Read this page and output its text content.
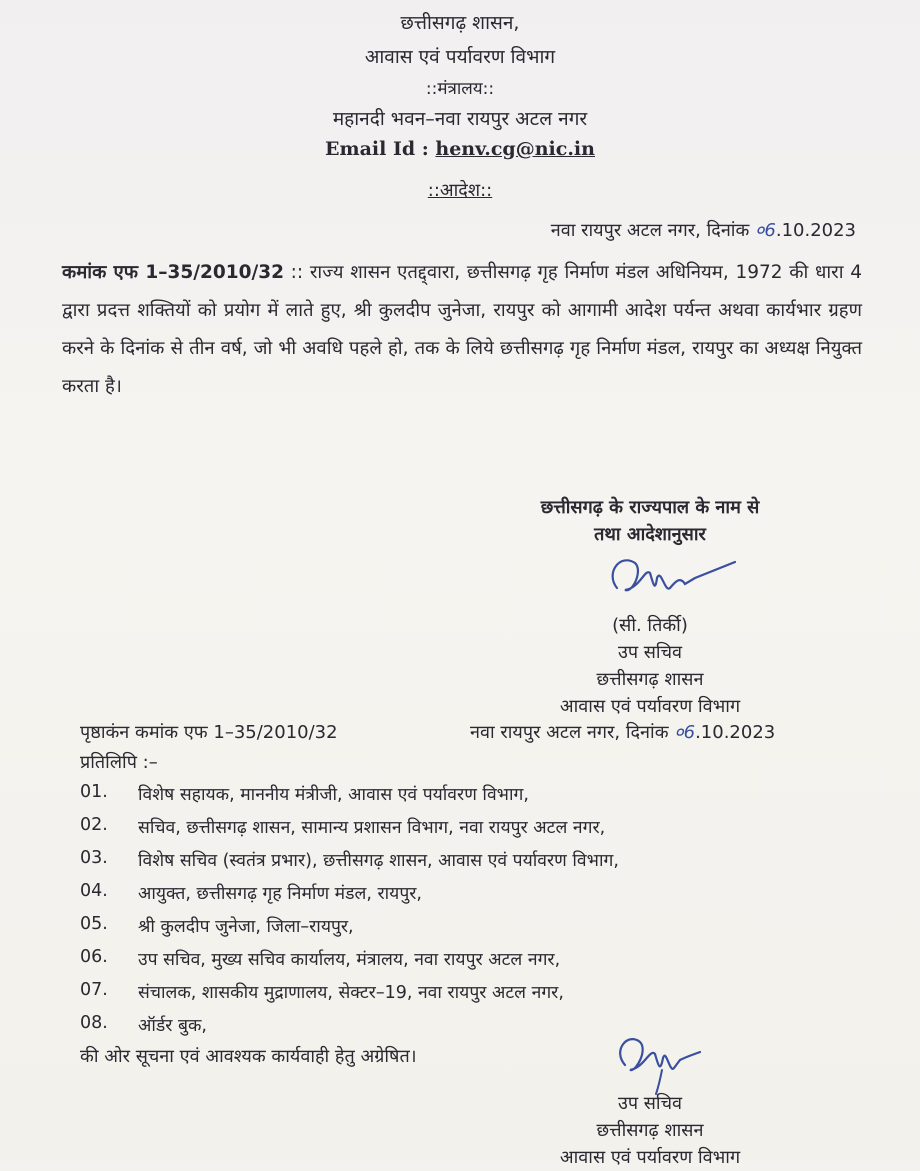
छत्तीसगढ़ शासन,
आवास एवं पर्यावरण विभाग
::मंत्रालय::
महानदी भवन–नवा रायपुर अटल नगर
Email Id : henv.cg@nic.in
::आदेश::
नवा रायपुर अटल नगर, दिनांक ०6.10.2023
कमांक एफ 1–35/2010/32 :: राज्य शासन एतद्द्वारा, छत्तीसगढ़ गृह निर्माण मंडल अधिनियम, 1972 की धारा 4 द्वारा प्रदत्त शक्तियों को प्रयोग में लाते हुए, श्री कुलदीप जुनेजा, रायपुर को आगामी आदेश पर्यन्त अथवा कार्यभार ग्रहण करने के दिनांक से तीन वर्ष, जो भी अवधि पहले हो, तक के लिये छत्तीसगढ़ गृह निर्माण मंडल, रायपुर का अध्यक्ष नियुक्त करता है।
छत्तीसगढ़ के राज्यपाल के नाम से
तथा आदेशानुसार
(सी. तिर्की)
उप सचिव
छत्तीसगढ़ शासन
आवास एवं पर्यावरण विभाग
पृष्ठाकंन कमांक एफ 1–35/2010/32	नवा रायपुर अटल नगर, दिनांक ०6.10.2023
प्रतिलिपि :–
01.	विशेष सहायक, माननीय मंत्रीजी, आवास एवं पर्यावरण विभाग,
02.	सचिव, छत्तीसगढ़ शासन, सामान्य प्रशासन विभाग, नवा रायपुर अटल नगर,
03.	विशेष सचिव (स्वतंत्र प्रभार), छत्तीसगढ़ शासन, आवास एवं पर्यावरण विभाग,
04.	आयुक्त, छत्तीसगढ़ गृह निर्माण मंडल, रायपुर,
05.	श्री कुलदीप जुनेजा, जिला–रायपुर,
06.	उप सचिव, मुख्य सचिव कार्यालय, मंत्रालय, नवा रायपुर अटल नगर,
07.	संचालक, शासकीय मुद्राणालय, सेक्टर–19, नवा रायपुर अटल नगर,
08.	ऑर्डर बुक,
की ओर सूचना एवं आवश्यक कार्यवाही हेतु अग्रेषित।
उप सचिव
छत्तीसगढ़ शासन
आवास एवं पर्यावरण विभाग
